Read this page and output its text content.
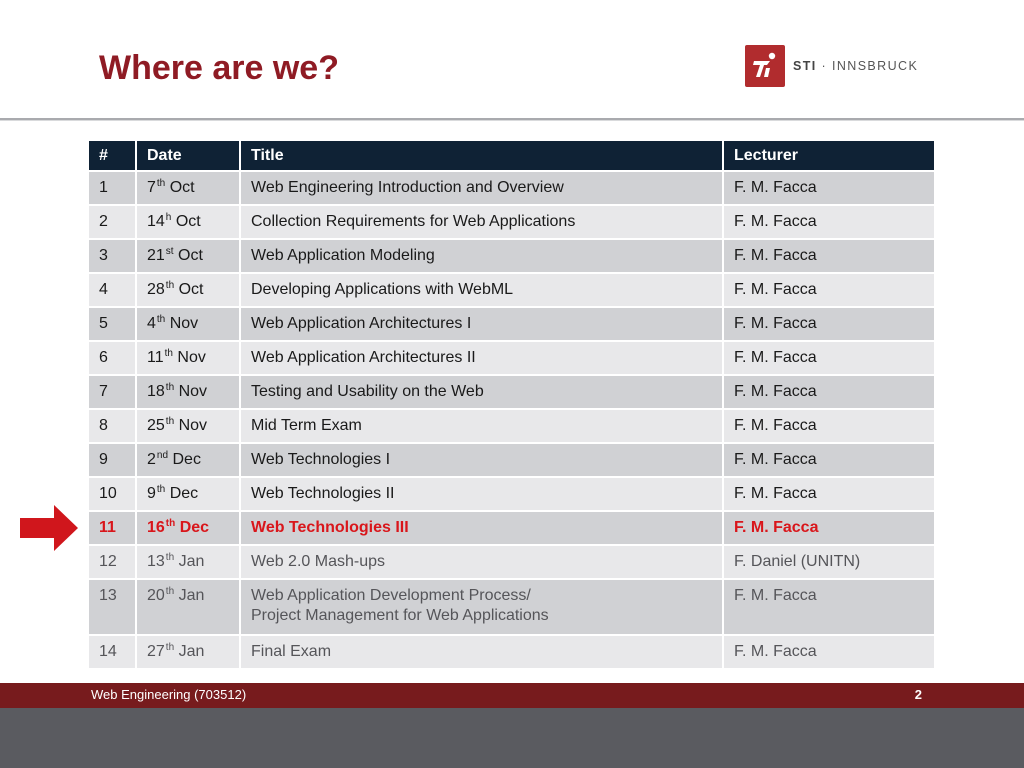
Where are we?	STI · INNSBRUCK
#	Date	Title	Lecturer
1	7th Oct	Web Engineering Introduction and Overview	F. M. Facca
2	14$^h$ Oct	Collection Requirements for Web Applications	F. M. Facca
3	21st Oct	Web Application Modeling	F. M. Facca
4	28th Oct	Developing Applications with WebML	F. M. Facca
5	4th Nov	Web Application Architectures I	F. M. Facca
6	11th Nov	Web Application Architectures II	F. M. Facca
7	18th Nov	Testing and Usability on the Web	F. M. Facca
8	25th Nov	Mid Term Exam	F. M. Facca
9	2nd Dec	Web Technologies I	F. M. Facca
10	9th Dec	Web Technologies II	F. M. Facca
11	16th Dec	Web Technologies III	F. M. Facca
12	13th Jan	Web 2.0 Mash-ups	F. Daniel (UNITN)
13	20th Jan	Web Application Development Process/
Project Management for Web Applications	F. M. Facca
14	27th Jan	Final Exam	F. M. Facca
Web Engineering (703512)	2
